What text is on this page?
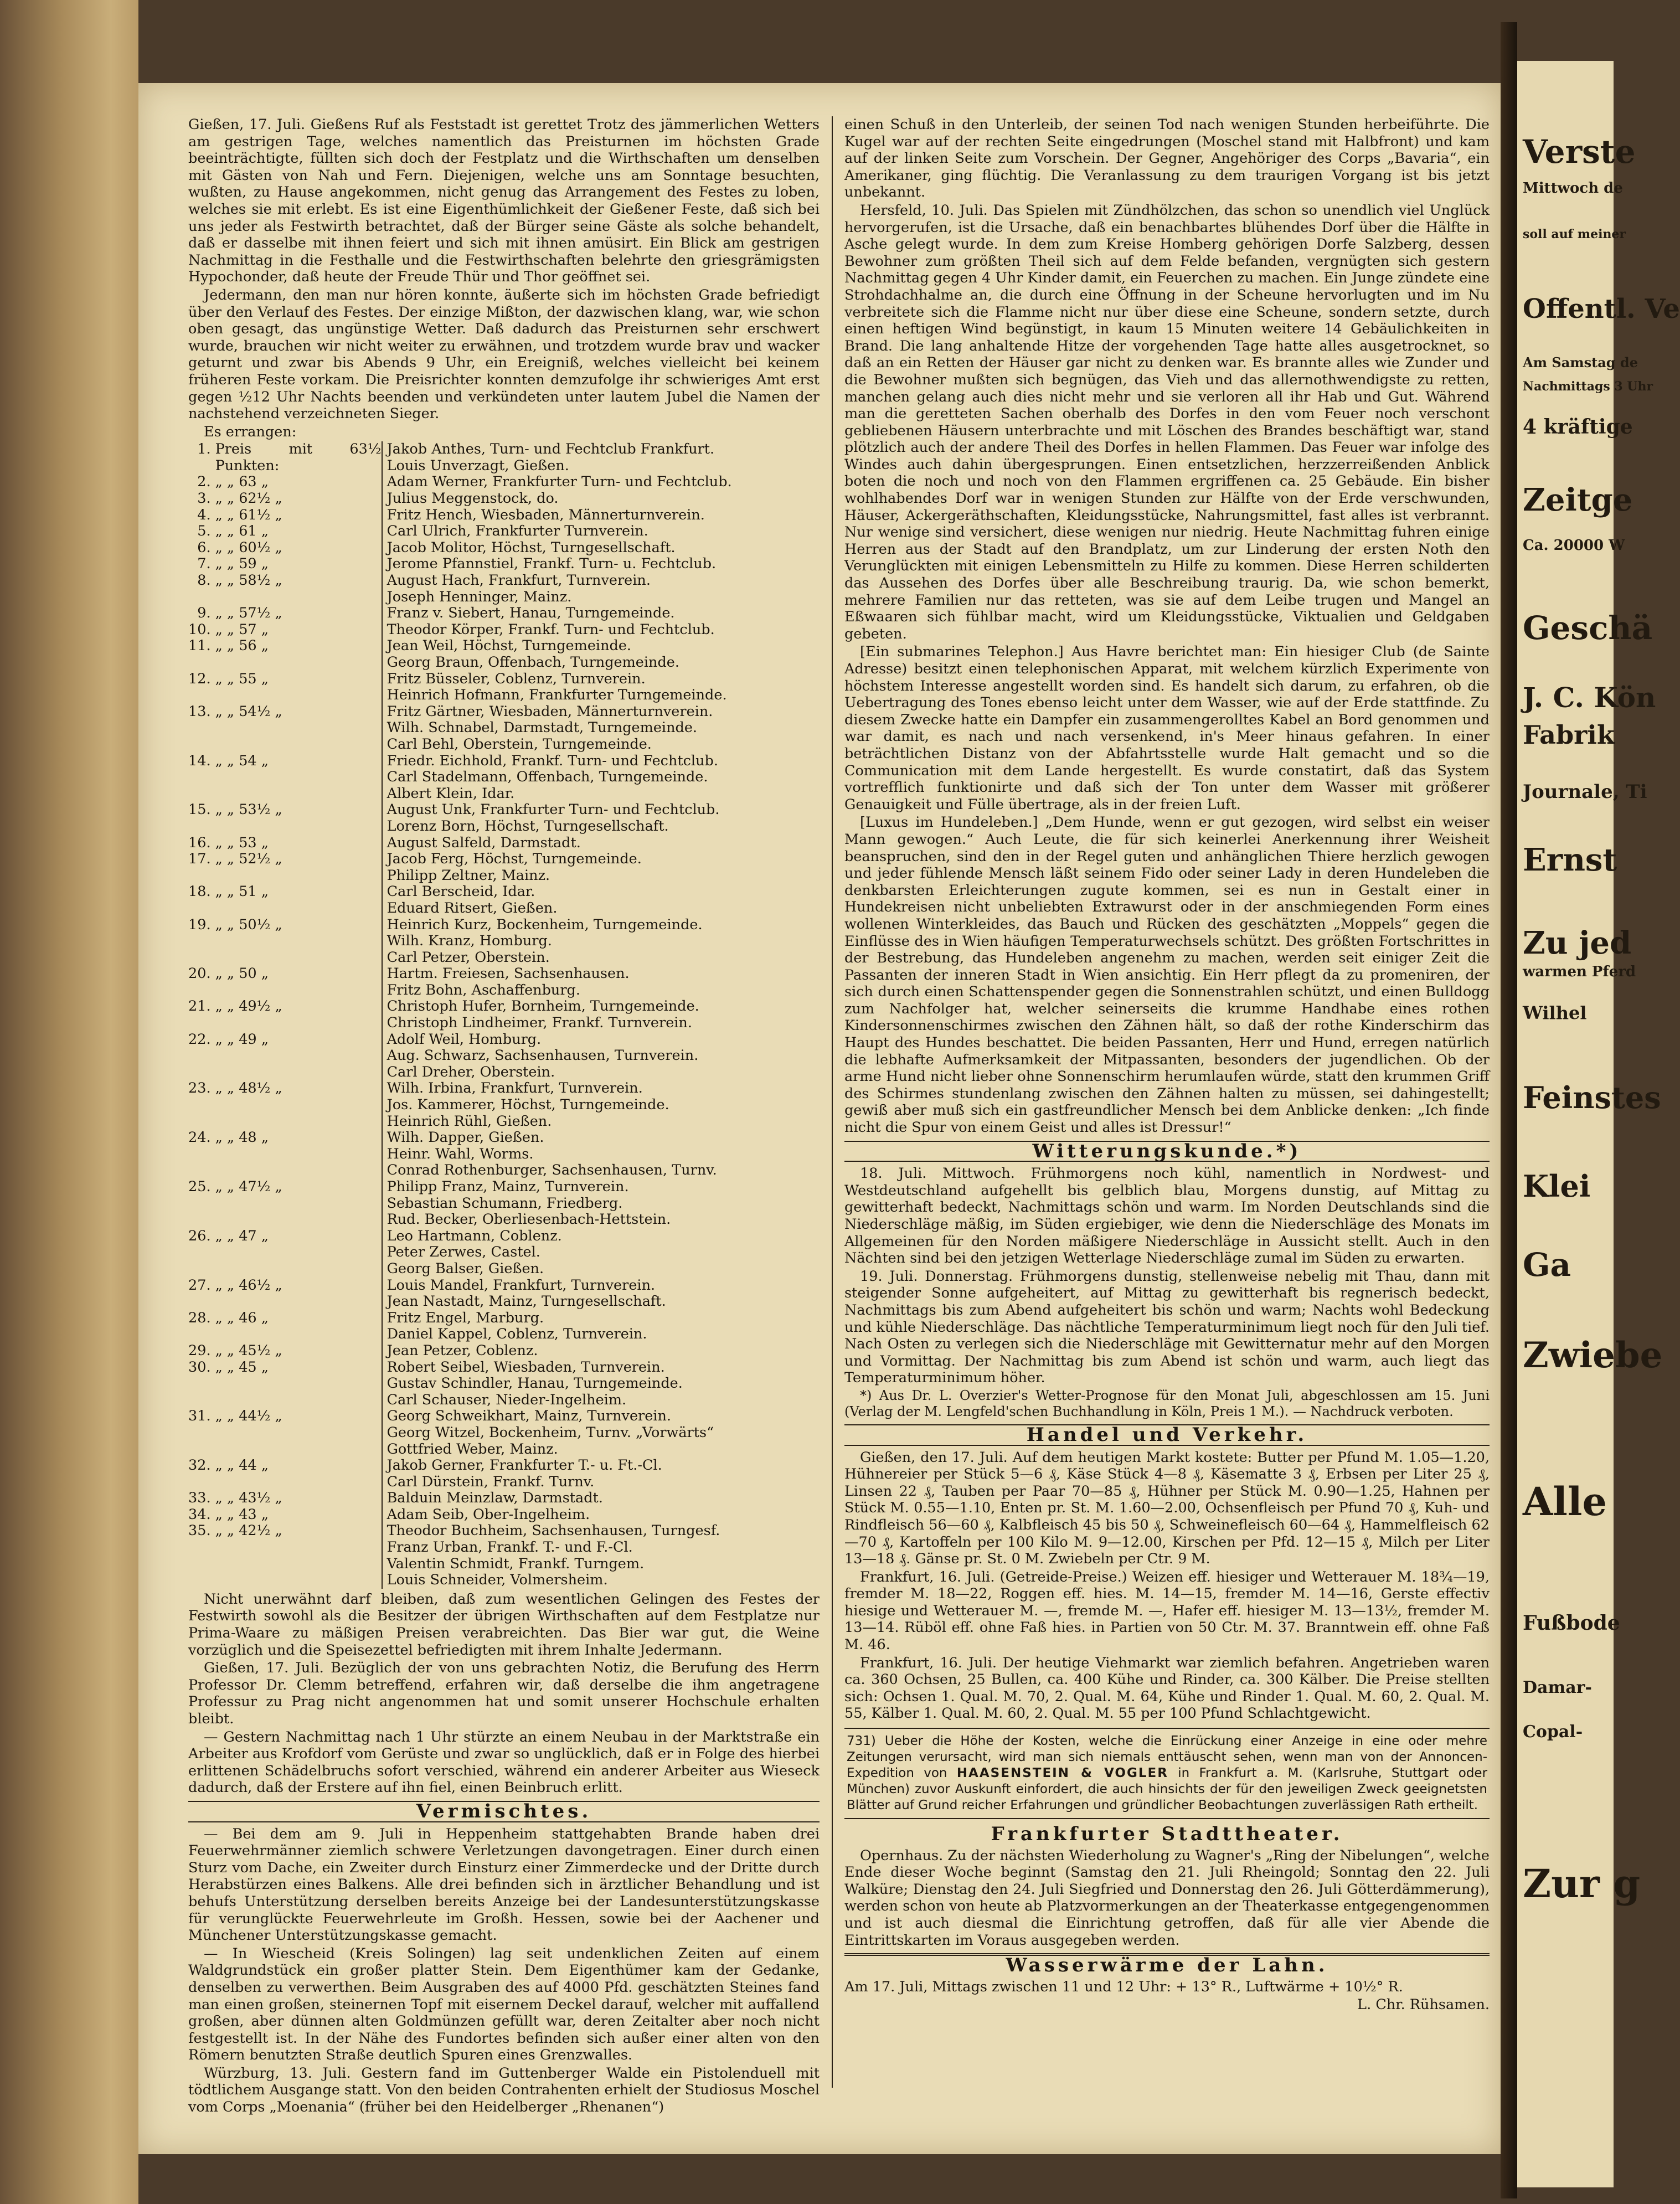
Gießen, 17. Juli. Gießens Ruf als Feststadt ist gerettet Trotz des jämmerlichen Wetters am gestrigen Tage, welches namentlich das Preisturnen im höchsten Grade beeinträchtigte, füllten sich doch der Festplatz und die Wirthschaften um denselben mit Gästen von Nah und Fern. Diejenigen, welche uns am Sonntage besuchten, wußten, zu Hause angekommen, nicht genug das Arrangement des Festes zu loben, welches sie mit erlebt. Es ist eine Eigenthümlichkeit der Gießener Feste, daß sich bei uns jeder als Festwirth betrachtet, daß der Bürger seine Gäste als solche behandelt, daß er dasselbe mit ihnen feiert und sich mit ihnen amüsirt. Ein Blick am gestrigen Nachmittag in die Festhalle und die Festwirthschaften belehrte den griesgrämigsten Hypochonder, daß heute der Freude Thür und Thor geöffnet sei.

Jedermann, den man nur hören konnte, äußerte sich im höchsten Grade befriedigt über den Verlauf des Festes. Der einzige Mißton, der dazwischen klang, war, wie schon oben gesagt, das ungünstige Wetter. Daß dadurch das Preisturnen sehr erschwert wurde, brauchen wir nicht weiter zu erwähnen, und trotzdem wurde brav und wacker geturnt und zwar bis Abends 9 Uhr, ein Ereigniß, welches vielleicht bei keinem früheren Feste vorkam. Die Preisrichter konnten demzufolge ihr schwieriges Amt erst gegen ½12 Uhr Nachts beenden und verkündeten unter lautem Jubel die Namen der nachstehend verzeichneten Sieger.

Es errangen:

1.	Preis mit 63½ Punkten:	Jakob Anthes, Turn- und Fechtclub Frankfurt.
Louis Unverzagt, Gießen.

2.	„ „ 63 „	Adam Werner, Frankfurter Turn- und Fechtclub.

3.	„ „ 62½ „	Julius Meggenstock, do.

4.	„ „ 61½ „	Fritz Hench, Wiesbaden, Männerturnverein.

5.	„ „ 61 „	Carl Ulrich, Frankfurter Turnverein.

6.	„ „ 60½ „	Jacob Molitor, Höchst, Turngesellschaft.

7.	„ „ 59 „	Jerome Pfannstiel, Frankf. Turn- u. Fechtclub.

8.	„ „ 58½ „	August Hach, Frankfurt, Turnverein.
Joseph Henninger, Mainz.

9.	„ „ 57½ „	Franz v. Siebert, Hanau, Turngemeinde.

10.	„ „ 57 „	Theodor Körper, Frankf. Turn- und Fechtclub.

11.	„ „ 56 „	Jean Weil, Höchst, Turngemeinde.
Georg Braun, Offenbach, Turngemeinde.

12.	„ „ 55 „	Fritz Büsseler, Coblenz, Turnverein.
Heinrich Hofmann, Frankfurter Turngemeinde.

13.	„ „ 54½ „	Fritz Gärtner, Wiesbaden, Männerturnverein.
Wilh. Schnabel, Darmstadt, Turngemeinde.
Carl Behl, Oberstein, Turngemeinde.

14.	„ „ 54 „	Friedr. Eichhold, Frankf. Turn- und Fechtclub.
Carl Stadelmann, Offenbach, Turngemeinde.
Albert Klein, Idar.

15.	„ „ 53½ „	August Unk, Frankfurter Turn- und Fechtclub.
Lorenz Born, Höchst, Turngesellschaft.

16.	„ „ 53 „	August Salfeld, Darmstadt.

17.	„ „ 52½ „	Jacob Ferg, Höchst, Turngemeinde.
Philipp Zeltner, Mainz.

18.	„ „ 51 „	Carl Berscheid, Idar.
Eduard Ritsert, Gießen.

19.	„ „ 50½ „	Heinrich Kurz, Bockenheim, Turngemeinde.
Wilh. Kranz, Homburg.
Carl Petzer, Oberstein.

20.	„ „ 50 „	Hartm. Freiesen, Sachsenhausen.
Fritz Bohn, Aschaffenburg.

21.	„ „ 49½ „	Christoph Hufer, Bornheim, Turngemeinde.
Christoph Lindheimer, Frankf. Turnverein.

22.	„ „ 49 „	Adolf Weil, Homburg.
Aug. Schwarz, Sachsenhausen, Turnverein.
Carl Dreher, Oberstein.

23.	„ „ 48½ „	Wilh. Irbina, Frankfurt, Turnverein.
Jos. Kammerer, Höchst, Turngemeinde.
Heinrich Rühl, Gießen.

24.	„ „ 48 „	Wilh. Dapper, Gießen.
Heinr. Wahl, Worms.
Conrad Rothenburger, Sachsenhausen, Turnv.

25.	„ „ 47½ „	Philipp Franz, Mainz, Turnverein.
Sebastian Schumann, Friedberg.
Rud. Becker, Oberliesenbach-Hettstein.

26.	„ „ 47 „	Leo Hartmann, Coblenz.
Peter Zerwes, Castel.
Georg Balser, Gießen.

27.	„ „ 46½ „	Louis Mandel, Frankfurt, Turnverein.
Jean Nastadt, Mainz, Turngesellschaft.

28.	„ „ 46 „	Fritz Engel, Marburg.
Daniel Kappel, Coblenz, Turnverein.

29.	„ „ 45½ „	Jean Petzer, Coblenz.

30.	„ „ 45 „	Robert Seibel, Wiesbaden, Turnverein.
Gustav Schindler, Hanau, Turngemeinde.
Carl Schauser, Nieder-Ingelheim.

31.	„ „ 44½ „	Georg Schweikhart, Mainz, Turnverein.
Georg Witzel, Bockenheim, Turnv. „Vorwärts“
Gottfried Weber, Mainz.

32.	„ „ 44 „	Jakob Gerner, Frankfurter T.- u. Ft.-Cl.
Carl Dürstein, Frankf. Turnv.

33.	„ „ 43½ „	Balduin Meinzlaw, Darmstadt.

34.	„ „ 43 „	Adam Seib, Ober-Ingelheim.

35.	„ „ 42½ „	Theodor Buchheim, Sachsenhausen, Turngesf.
Franz Urban, Frankf. T.- und F.-Cl.
Valentin Schmidt, Frankf. Turngem.
Louis Schneider, Volmersheim.

Nicht unerwähnt darf bleiben, daß zum wesentlichen Gelingen des Festes der Festwirth sowohl als die Besitzer der übrigen Wirthschaften auf dem Festplatze nur Prima-Waare zu mäßigen Preisen verabreichten. Das Bier war gut, die Weine vorzüglich und die Speisezettel befriedigten mit ihrem Inhalte Jedermann.

Gießen, 17. Juli. Bezüglich der von uns gebrachten Notiz, die Berufung des Herrn Professor Dr. Clemm betreffend, erfahren wir, daß derselbe die ihm angetragene Professur zu Prag nicht angenommen hat und somit unserer Hochschule erhalten bleibt.

— Gestern Nachmittag nach 1 Uhr stürzte an einem Neubau in der Marktstraße ein Arbeiter aus Krofdorf vom Gerüste und zwar so unglücklich, daß er in Folge des hierbei erlittenen Schädelbruchs sofort verschied, während ein anderer Arbeiter aus Wieseck dadurch, daß der Erstere auf ihn fiel, einen Beinbruch erlitt.

Vermischtes.

— Bei dem am 9. Juli in Heppenheim stattgehabten Brande haben drei Feuerwehrmänner ziemlich schwere Verletzungen davongetragen. Einer durch einen Sturz vom Dache, ein Zweiter durch Einsturz einer Zimmerdecke und der Dritte durch Herabstürzen eines Balkens. Alle drei befinden sich in ärztlicher Behandlung und ist behufs Unterstützung derselben bereits Anzeige bei der Landesunterstützungskasse für verunglückte Feuerwehrleute im Großh. Hessen, sowie bei der Aachener und Münchener Unterstützungskasse gemacht.

— In Wiescheid (Kreis Solingen) lag seit undenklichen Zeiten auf einem Waldgrundstück ein großer platter Stein. Dem Eigenthümer kam der Gedanke, denselben zu verwerthen. Beim Ausgraben des auf 4000 Pfd. geschätzten Steines fand man einen großen, steinernen Topf mit eisernem Deckel darauf, welcher mit auffallend großen, aber dünnen alten Goldmünzen gefüllt war, deren Zeitalter aber noch nicht festgestellt ist. In der Nähe des Fundortes befinden sich außer einer alten von den Römern benutzten Straße deutlich Spuren eines Grenzwalles.

Würzburg, 13. Juli. Gestern fand im Guttenberger Walde ein Pistolenduell mit tödtlichem Ausgange statt. Von den beiden Contrahenten erhielt der Studiosus Moschel vom Corps „Moenania“ (früher bei den Heidelberger „Rhenanen“)

einen Schuß in den Unterleib, der seinen Tod nach wenigen Stunden herbeiführte. Die Kugel war auf der rechten Seite eingedrungen (Moschel stand mit Halbfront) und kam auf der linken Seite zum Vorschein. Der Gegner, Angehöriger des Corps „Bavaria“, ein Amerikaner, ging flüchtig. Die Veranlassung zu dem traurigen Vorgang ist bis jetzt unbekannt.

Hersfeld, 10. Juli. Das Spielen mit Zündhölzchen, das schon so unendlich viel Unglück hervorgerufen, ist die Ursache, daß ein benachbartes blühendes Dorf über die Hälfte in Asche gelegt wurde. In dem zum Kreise Homberg gehörigen Dorfe Salzberg, dessen Bewohner zum größten Theil sich auf dem Felde befanden, vergnügten sich gestern Nachmittag gegen 4 Uhr Kinder damit, ein Feuerchen zu machen. Ein Junge zündete eine Strohdachhalme an, die durch eine Öffnung in der Scheune hervorlugten und im Nu verbreitete sich die Flamme nicht nur über diese eine Scheune, sondern setzte, durch einen heftigen Wind begünstigt, in kaum 15 Minuten weitere 14 Gebäulichkeiten in Brand. Die lang anhaltende Hitze der vorgehenden Tage hatte alles ausgetrocknet, so daß an ein Retten der Häuser gar nicht zu denken war. Es brannte alles wie Zunder und die Bewohner mußten sich begnügen, das Vieh und das allernothwendigste zu retten, manchen gelang auch dies nicht mehr und sie verloren all ihr Hab und Gut. Während man die geretteten Sachen oberhalb des Dorfes in den vom Feuer noch verschont gebliebenen Häusern unterbrachte und mit Löschen des Brandes beschäftigt war, stand plötzlich auch der andere Theil des Dorfes in hellen Flammen. Das Feuer war infolge des Windes auch dahin übergesprungen. Einen entsetzlichen, herzzerreißenden Anblick boten die noch und noch von den Flammen ergriffenen ca. 25 Gebäude. Ein bisher wohlhabendes Dorf war in wenigen Stunden zur Hälfte von der Erde verschwunden, Häuser, Ackergeräthschaften, Kleidungsstücke, Nahrungsmittel, fast alles ist verbrannt. Nur wenige sind versichert, diese wenigen nur niedrig. Heute Nachmittag fuhren einige Herren aus der Stadt auf den Brandplatz, um zur Linderung der ersten Noth den Verunglückten mit einigen Lebensmitteln zu Hilfe zu kommen. Diese Herren schilderten das Aussehen des Dorfes über alle Beschreibung traurig. Da, wie schon bemerkt, mehrere Familien nur das retteten, was sie auf dem Leibe trugen und Mangel an Eßwaaren sich fühlbar macht, wird um Kleidungsstücke, Viktualien und Geldgaben gebeten.

[Ein submarines Telephon.] Aus Havre berichtet man: Ein hiesiger Club (de Sainte Adresse) besitzt einen telephonischen Apparat, mit welchem kürzlich Experimente von höchstem Interesse angestellt worden sind. Es handelt sich darum, zu erfahren, ob die Uebertragung des Tones ebenso leicht unter dem Wasser, wie auf der Erde stattfinde. Zu diesem Zwecke hatte ein Dampfer ein zusammengerolltes Kabel an Bord genommen und war damit, es nach und nach versenkend, in's Meer hinaus gefahren. In einer beträchtlichen Distanz von der Abfahrtsstelle wurde Halt gemacht und so die Communication mit dem Lande hergestellt. Es wurde constatirt, daß das System vortrefflich funktionirte und daß sich der Ton unter dem Wasser mit größerer Genauigkeit und Fülle übertrage, als in der freien Luft.

[Luxus im Hundeleben.] „Dem Hunde, wenn er gut gezogen, wird selbst ein weiser Mann gewogen.“ Auch Leute, die für sich keinerlei Anerkennung ihrer Weisheit beanspruchen, sind den in der Regel guten und anhänglichen Thiere herzlich gewogen und jeder fühlende Mensch läßt seinem Fido oder seiner Lady in deren Hundeleben die denkbarsten Erleichterungen zugute kommen, sei es nun in Gestalt einer in Hundekreisen nicht unbeliebten Extrawurst oder in der anschmiegenden Form eines wollenen Winterkleides, das Bauch und Rücken des geschätzten „Moppels“ gegen die Einflüsse des in Wien häufigen Temperaturwechsels schützt. Des größten Fortschrittes in der Bestrebung, das Hundeleben angenehm zu machen, werden seit einiger Zeit die Passanten der inneren Stadt in Wien ansichtig. Ein Herr pflegt da zu promeniren, der sich durch einen Schattenspender gegen die Sonnenstrahlen schützt, und einen Bulldogg zum Nachfolger hat, welcher seinerseits die krumme Handhabe eines rothen Kindersonnenschirmes zwischen den Zähnen hält, so daß der rothe Kinderschirm das Haupt des Hundes beschattet. Die beiden Passanten, Herr und Hund, erregen natürlich die lebhafte Aufmerksamkeit der Mitpassanten, besonders der jugendlichen. Ob der arme Hund nicht lieber ohne Sonnenschirm herumlaufen würde, statt den krummen Griff des Schirmes stundenlang zwischen den Zähnen halten zu müssen, sei dahingestellt; gewiß aber muß sich ein gastfreundlicher Mensch bei dem Anblicke denken: „Ich finde nicht die Spur von einem Geist und alles ist Dressur!“

Witterungskunde.*)

18. Juli. Mittwoch. Frühmorgens noch kühl, namentlich in Nordwest- und Westdeutschland aufgehellt bis gelblich blau, Morgens dunstig, auf Mittag zu gewitterhaft bedeckt, Nachmittags schön und warm. Im Norden Deutschlands sind die Niederschläge mäßig, im Süden ergiebiger, wie denn die Niederschläge des Monats im Allgemeinen für den Norden mäßigere Niederschläge in Aussicht stellt. Auch in den Nächten sind bei den jetzigen Wetterlage Niederschläge zumal im Süden zu erwarten.

19. Juli. Donnerstag. Frühmorgens dunstig, stellenweise nebelig mit Thau, dann mit steigender Sonne aufgeheitert, auf Mittag zu gewitterhaft bis regnerisch bedeckt, Nachmittags bis zum Abend aufgeheitert bis schön und warm; Nachts wohl Bedeckung und kühle Niederschläge. Das nächtliche Temperaturminimum liegt noch für den Juli tief. Nach Osten zu verlegen sich die Niederschläge mit Gewitternatur mehr auf den Morgen und Vormittag. Der Nachmittag bis zum Abend ist schön und warm, auch liegt das Temperaturminimum höher.

*) Aus Dr. L. Overzier's Wetter-Prognose für den Monat Juli, abgeschlossen am 15. Juni (Verlag der M. Lengfeld'schen Buchhandlung in Köln, Preis 1 M.). — Nachdruck verboten.

Handel und Verkehr.

Gießen, den 17. Juli. Auf dem heutigen Markt kostete: Butter per Pfund M. 1.05—1.20, Hühnereier per Stück 5—6 ₰, Käse Stück 4—8 ₰, Käsematte 3 ₰, Erbsen per Liter 25 ₰, Linsen 22 ₰, Tauben per Paar 70—85 ₰, Hühner per Stück M. 0.90—1.25, Hahnen per Stück M. 0.55—1.10, Enten pr. St. M. 1.60—2.00, Ochsenfleisch per Pfund 70 ₰, Kuh- und Rindfleisch 56—60 ₰, Kalbfleisch 45 bis 50 ₰, Schweinefleisch 60—64 ₰, Hammelfleisch 62—70 ₰, Kartoffeln per 100 Kilo M. 9—12.00, Kirschen per Pfd. 12—15 ₰, Milch per Liter 13—18 ₰. Gänse pr. St. 0 M. Zwiebeln per Ctr. 9 M.

Frankfurt, 16. Juli. (Getreide-Preise.) Weizen eff. hiesiger und Wetterauer M. 18¾—19, fremder M. 18—22, Roggen eff. hies. M. 14—15, fremder M. 14—16, Gerste effectiv hiesige und Wetterauer M. —, fremde M. —, Hafer eff. hiesiger M. 13—13½, fremder M. 13—14. Rüböl eff. ohne Faß hies. in Partien von 50 Ctr. M. 37. Branntwein eff. ohne Faß M. 46.

Frankfurt, 16. Juli. Der heutige Viehmarkt war ziemlich befahren. Angetrieben waren ca. 360 Ochsen, 25 Bullen, ca. 400 Kühe und Rinder, ca. 300 Kälber. Die Preise stellten sich: Ochsen 1. Qual. M. 70, 2. Qual. M. 64, Kühe und Rinder 1. Qual. M. 60, 2. Qual. M. 55, Kälber 1. Qual. M. 60, 2. Qual. M. 55 per 100 Pfund Schlachtgewicht.

731) Ueber die Höhe der Kosten, welche die Einrückung einer Anzeige in eine oder mehre Zeitungen verursacht, wird man sich niemals enttäuscht sehen, wenn man von der Annoncen-Expedition von HAASENSTEIN & VOGLER in Frankfurt a. M. (Karlsruhe, Stuttgart oder München) zuvor Auskunft einfordert, die auch hinsichts der für den jeweiligen Zweck geeignetsten Blätter auf Grund reicher Erfahrungen und gründlicher Beobachtungen zuverlässigen Rath ertheilt.
Frankfurter Stadttheater.

Opernhaus. Zu der nächsten Wiederholung zu Wagner's „Ring der Nibelungen“, welche Ende dieser Woche beginnt (Samstag den 21. Juli Rheingold; Sonntag den 22. Juli Walküre; Dienstag den 24. Juli Siegfried und Donnerstag den 26. Juli Götterdämmerung), werden schon von heute ab Platzvormerkungen an der Theaterkasse entgegengenommen und ist auch diesmal die Einrichtung getroffen, daß für alle vier Abende die Eintrittskarten im Voraus ausgegeben werden.

Wasserwärme der Lahn.

Am 17. Juli, Mittags zwischen 11 und 12 Uhr: + 13° R., Luftwärme + 10½° R.

L. Chr. Rühsamen.

Verste
Mittwoch de
soll auf meiner
Offentl. Ve
Am Samstag de
Nachmittags 3 Uhr
4 kräftige
Zeitge
Ca. 20000 W
Geschä
J. C. Kön
Fabrik
Journale, Ti
Ernst
Zu jed
warmen Pferd
Wilhel
Feinstes
Klei
Ga
Zwiebe
Alle
Fußbode
Damar-
Copal-
Zur g
